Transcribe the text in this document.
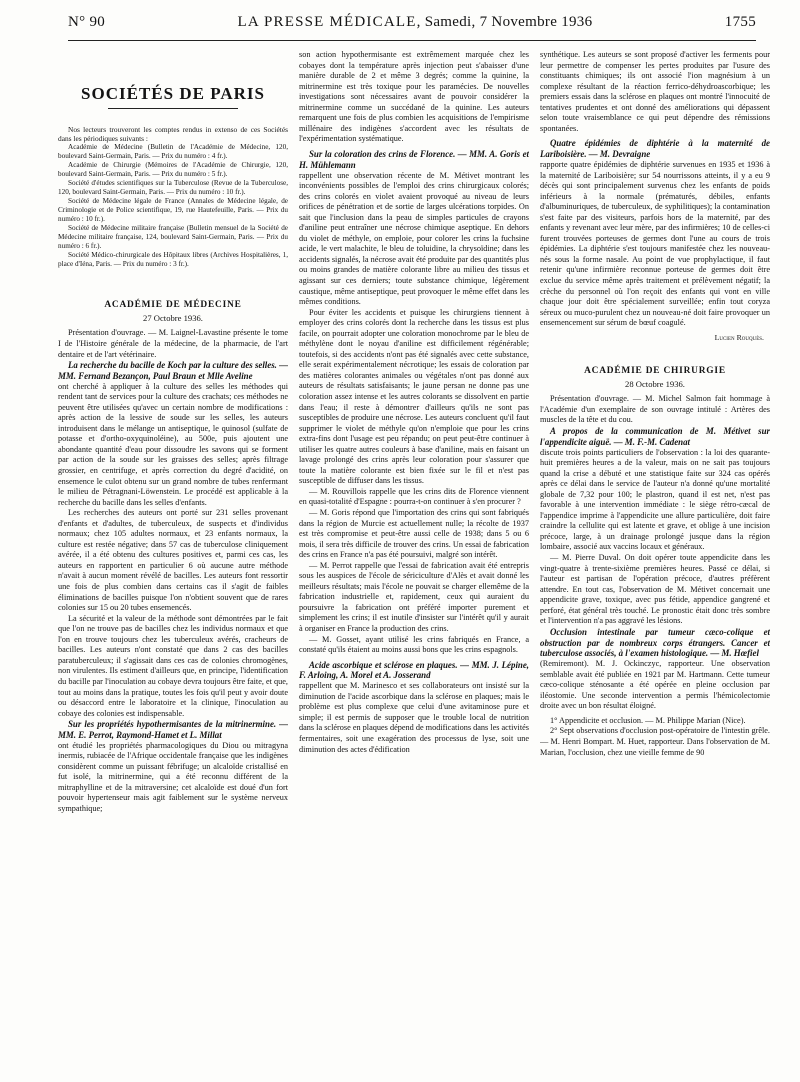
N° 90	LA PRESSE MÉDICALE, Samedi, 7 Novembre 1936	1755
SOCIÉTÉS DE PARIS

Nos lecteurs trouveront les comptes rendus in extenso de ces Sociétés dans les périodiques suivants :

Académie de Médecine (Bulletin de l'Académie de Médecine, 120, boulevard Saint-Germain, Paris. — Prix du numéro : 4 fr.).

Académie de Chirurgie (Mémoires de l'Académie de Chirurgie, 120, boulevard Saint-Germain, Paris. — Prix du numéro : 5 fr.).

Société d'études scientifiques sur la Tuberculose (Revue de la Tuberculose, 120, boulevard Saint-Germain, Paris. — Prix du numéro : 10 fr.).

Société de Médecine légale de France (Annales de Médecine légale, de Criminologie et de Police scientifique, 19, rue Hautefeuille, Paris. — Prix du numéro : 10 fr.).

Société de Médecine militaire française (Bulletin mensuel de la Société de Médecine militaire française, 124, boulevard Saint-Germain, Paris. — Prix du numéro : 6 fr.).

Société Médico-chirurgicale des Hôpitaux libres (Archives Hospitalières, 1, place d'Iéna, Paris. — Prix du numéro : 3 fr.).

ACADÉMIE DE MÉDECINE
27 Octobre 1936.

Présentation d'ouvrage. — M. Laignel-Lavastine présente le tome I de l'Histoire générale de la médecine, de la pharmacie, de l'art dentaire et de l'art vétérinaire.

La recherche du bacille de Koch par la culture des selles. — MM. Fernand Bezançon, Paul Braun et Mlle Aveline

ont cherché à appliquer à la culture des selles les méthodes qui rendent tant de services pour la culture des crachats; ces méthodes ne peuvent être utilisées qu'avec un certain nombre de modifications : après action de la lessive de soude sur les selles, les auteurs introduisent dans le mélange un antiseptique, le quinosol (sulfate de potasse et d'ortho-oxyquinoléine), au 500e, puis ajoutent une abondante quantité d'eau pour dissoudre les savons qui se forment par action de la soude sur les graisses des selles; après filtrage grossier, en centrifuge, et après correction du degré d'acidité, on ensemence le culot obtenu sur un grand nombre de tubes renfermant le milieu de Pétragnani-Löwenstein. Le procédé est applicable à la recherche du bacille dans les selles d'enfants.

Les recherches des auteurs ont porté sur 231 selles provenant d'enfants et d'adultes, de tuberculeux, de suspects et d'individus normaux; chez 105 adultes normaux, et 23 enfants normaux, la culture est restée négative; dans 57 cas de tuberculose cliniquement avérée, il a été obtenu des cultures positives et, parmi ces cas, les auteurs en rapportent en particulier 6 où aucune autre méthode n'avait à aucun moment révélé de bacilles. Les auteurs font ressortir une fois de plus combien dans certains cas il s'agit de faibles éliminations de bacilles puisque l'on n'obtient souvent que de rares colonies sur 15 ou 20 tubes ensemencés.

La sécurité et la valeur de la méthode sont démontrées par le fait que l'on ne trouve pas de bacilles chez les individus normaux et que l'on en trouve toujours chez les tuberculeux avérés, cracheurs de bacilles. Les auteurs n'ont constaté que dans 2 cas des bacilles paratuberculeux; il s'agissait dans ces cas de colonies chromogènes, non virulentes. Ils estiment d'ailleurs que, en principe, l'identification du bacille par l'inoculation au cobaye devra toujours être faite, et que, tout au moins dans la pratique, toutes les fois qu'il peut y avoir doute ou désaccord entre le laboratoire et la clinique, l'inoculation au cobaye des colonies est indispensable.

Sur les propriétés hypothermisantes de la mitrinermine. — MM. E. Perrot, Raymond-Hamet et L. Millat

ont étudié les propriétés pharmacologiques du Diou ou mitragyna inermis, rubiacée de l'Afrique occidentale française que les indigènes considèrent comme un puissant fébrifuge; un alcaloïde cristallisé en fut isolé, la mitrinermine, qui a été reconnu différent de la mitraphylline et de la mitraversine; cet alcaloïde est doué d'un fort pouvoir hypertenseur mais agit faiblement sur le système nerveux sympathique;

son action hypothermisante est extrêmement marquée chez les cobayes dont la température après injection peut s'abaisser d'une manière durable de 2 et même 3 degrés; comme la quinine, la mitrinermine est très toxique pour les paramécies. De nouvelles investigations sont nécessaires avant de pouvoir considérer la mitrinermine comme un succédané de la quinine. Les auteurs remarquent une fois de plus combien les acquisitions de l'empirisme millénaire des indigènes s'accordent avec les résultats de l'expérimentation systématique.

Sur la coloration des crins de Florence. — MM. A. Goris et H. Mühlemann

rappellent une observation récente de M. Métivet montrant les inconvénients possibles de l'emploi des crins chirurgicaux colorés; des crins colorés en violet avaient provoqué au niveau de leurs orifices de pénétration et de sortie de larges ulcérations torpides. On sait que l'inclusion dans la peau de simples particules de crayons d'aniline peut entraîner une nécrose chimique aseptique. En dehors du violet de méthyle, on emploie, pour colorer les crins la fuchsine acide, le vert malachite, le bleu de toluidine, la chrysoïdine; dans les accidents signalés, la nécrose avait été produite par des quantités plus ou moins grandes de matière colorante libre au milieu des tissus et agissant sur ces derniers; toute substance chimique, légèrement caustique, même antiseptique, peut provoquer le même effet dans les mêmes conditions.

Pour éviter les accidents et puisque les chirurgiens tiennent à employer des crins colorés dont la recherche dans les tissus est plus facile, on pourrait adopter une coloration monochrome par le bleu de méthylène dont le noyau d'aniline est difficilement régénérable; toutefois, si des accidents n'ont pas été signalés avec cette substance, elle serait expérimentalement nécrotique; les essais de coloration par des matières colorantes animales ou végétales n'ont pas donné aux auteurs de résultats satisfaisants; le jaune persan ne donne pas une coloration assez intense et les autres colorants se dissolvent en partie dans l'eau; il reste à démontrer d'ailleurs qu'ils ne sont pas susceptibles de produire une nécrose. Les auteurs concluent qu'il faut supprimer le violet de méthyle qu'on n'emploie que pour les crins extra-fins dont l'usage est peu répandu; on peut peut-être continuer à utiliser les quatre autres couleurs à base d'aniline, mais en faisant un lavage prolongé des crins après leur coloration pour s'assurer que toute la matière colorante est bien fixée sur le fil et n'est pas susceptible de diffuser dans les tissus.

— M. Rouvillois rappelle que les crins dits de Florence viennent en quasi-totalité d'Espagne : pourra-t-on continuer à s'en procurer ?

— M. Goris répond que l'importation des crins qui sont fabriqués dans la région de Murcie est actuellement nulle; la récolte de 1937 est très compromise et peut-être aussi celle de 1938; dans 5 ou 6 mois, il sera très difficile de trouver des crins. Un essai de fabrication des crins en France n'a pas été poursuivi, malgré son intérêt.

— M. Perrot rappelle que l'essai de fabrication avait été entrepris sous les auspices de l'école de sériciculture d'Alès et avait donné les meilleurs résultats; mais l'école ne pouvait se charger ellemême de la fabrication industrielle et, rapidement, ceux qui auraient du poursuivre la fabrication ont préféré importer purement et simplement les crins; il est inutile d'insister sur l'intérêt qu'il y aurait à organiser en France la production des crins.

— M. Gosset, ayant utilisé les crins fabriqués en France, a constaté qu'ils étaient au moins aussi bons que les crins espagnols.

Acide ascorbique et sclérose en plaques. — MM. J. Lépine, F. Arloing, A. Morel et A. Josserand

rappellent que M. Marinesco et ses collaborateurs ont insisté sur la diminution de l'acide ascorbique dans la sclérose en plaques; mais le problème est plus complexe que celui d'une avitaminose pure et simple; il est permis de supposer que le trouble local de nutrition dans la sclérose en plaques dépend de modifications dans les activités fermentaires, soit une exagération des processus de lyse, soit une diminution des actes d'édification

synthétique. Les auteurs se sont proposé d'activer les ferments pour leur permettre de compenser les pertes produites par l'usure des constituants chimiques; ils ont associé l'ion magnésium à un complexe résultant de la réaction ferrico-déhydroascorbique; les premiers essais dans la sclérose en plaques ont montré l'innocuité de tentatives prudentes et ont donné des améliorations qui dépassent selon toute vraisemblance ce qui peut dépendre des rémissions spontanées.

Quatre épidémies de diphtérie à la maternité de Lariboisière. — M. Devraigne

rapporte quatre épidémies de diphtérie survenues en 1935 et 1936 à la maternité de Lariboisière; sur 54 nourrissons atteints, il y a eu 9 décès qui sont principalement survenus chez les enfants de poids inférieurs à la normale (prématurés, débiles, enfants d'albuminuriques, de tuberculeux, de syphilitiques); la contamination s'est faite par des visiteurs, parfois hors de la maternité, par des enfants y revenant avec leur mère, par des infirmières; 10 de celles-ci furent trouvées porteuses de germes dont l'une au cours de trois épidémies. La diphtérie s'est toujours manifestée chez les nouveau-nés sous la forme nasale. Au point de vue prophylactique, il faut retenir qu'une infirmière reconnue porteuse de germes doit être exclue du service même après traitement et prélèvement négatif; la crèche du personnel où l'on reçoit des enfants qui vont en ville chaque jour doit être spécialement surveillée; enfin tout coryza séreux ou muco-purulent chez un nouveau-né doit faire provoquer un ensemencement sur sérum de bœuf coagulé.

Lucien Rouquès.
ACADÉMIE DE CHIRURGIE
28 Octobre 1936.

Présentation d'ouvrage. — M. Michel Salmon fait hommage à l'Académie d'un exemplaire de son ouvrage intitulé : Artères des muscles de la tête et du cou.

A propos de la communication de M. Métivet sur l'appendicite aiguë. — M. F.-M. Cadenat

discute trois points particuliers de l'observation : la loi des quarante-huit premières heures a de la valeur, mais on ne sait pas toujours quand la crise a débuté et une statistique faite sur 324 cas opérés après ce délai dans le service de l'auteur n'a donné qu'une mortalité globale de 7,32 pour 100; le plastron, quand il est net, n'est pas favorable à une intervention immédiate : le siège rétro-cæcal de l'appendice imprime à l'appendicite une allure particulière, doit faire craindre la cellulite qui est latente et grave, et oblige à une incision précoce, large, à un drainage prolongé jusque dans la région lombaire, associé aux vaccins locaux et généraux.

— M. Pierre Duval. On doit opérer toute appendicite dans les vingt-quatre à trente-sixième premières heures. Passé ce délai, si l'auteur est partisan de l'opération précoce, d'autres préfèrent attendre. En tout cas, l'observation de M. Métivet concernait une appendicite grave, toxique, avec pus fétide, appendice gangrené et perforé, état général très touché. Le pronostic était donc très sombre et l'intervention n'a pas aggravé les lésions.

Occlusion intestinale par tumeur cæco-colique et obstruction par de nombreux corps étrangers. Cancer et tuberculose associés, à l'examen histologique. — M. Hœfiel

(Remiremont). M. J. Ockinczyc, rapporteur. Une observation semblable avait été publiée en 1921 par M. Hartmann. Cette tumeur cæco-colique sténosante a été opérée en pleine occlusion par iléostomie. Une seconde intervention a permis l'hémicolectomie droite avec un bon résultat éloigné.

1° Appendicite et occlusion. — M. Philippe Marian (Nice).

2° Sept observations d'occlusion post-opératoire de l'intestin grêle. — M. Henri Bompart. M. Huet, rapporteur. Dans l'observation de M. Marian, l'occlusion, chez une vieille femme de 90
